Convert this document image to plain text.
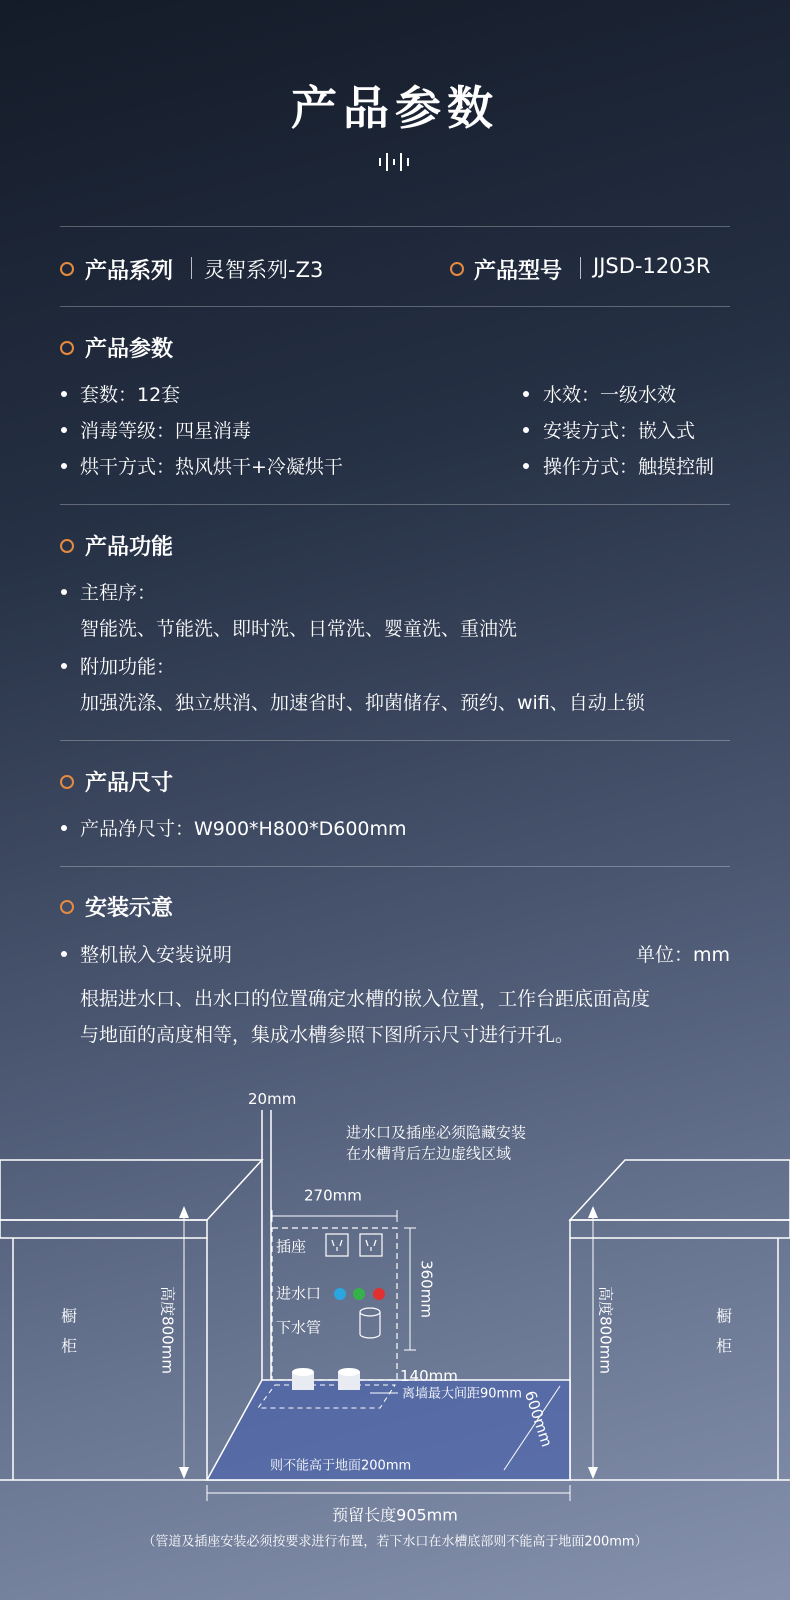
产品参数
产品系列 灵智系列-Z3	产品型号 JJSD-1203R
产品参数
套数：12套
消毒等级：四星消毒
烘干方式：热风烘干+冷凝烘干
水效：一级水效
安装方式：嵌入式
操作方式：触摸控制
产品功能
主程序：
智能洗、节能洗、即时洗、日常洗、婴童洗、重油洗
附加功能：
加强洗涤、独立烘消、加速省时、抑菌储存、预约、wifi、自动上锁
产品尺寸
产品净尺寸：W900*H800*D600mm
安装示意
整机嵌入安装说明	单位：mm
根据进水口、出水口的位置确定水槽的嵌入位置，工作台距底面高度
与地面的高度相等，集成水槽参照下图所示尺寸进行开孔。
20mm
进水口及插座必须隐藏安装
在水槽背后左边虚线区域
270mm
360mm
插座
进水口
下水管
140mm
离墙最大间距90mm 600mm
则不能高于地面200mm
高度800mm	高度800mm
橱
柜
橱
柜
预留长度905mm
（管道及插座安装必须按要求进行布置，若下水口在水槽底部则不能高于地面200mm）
